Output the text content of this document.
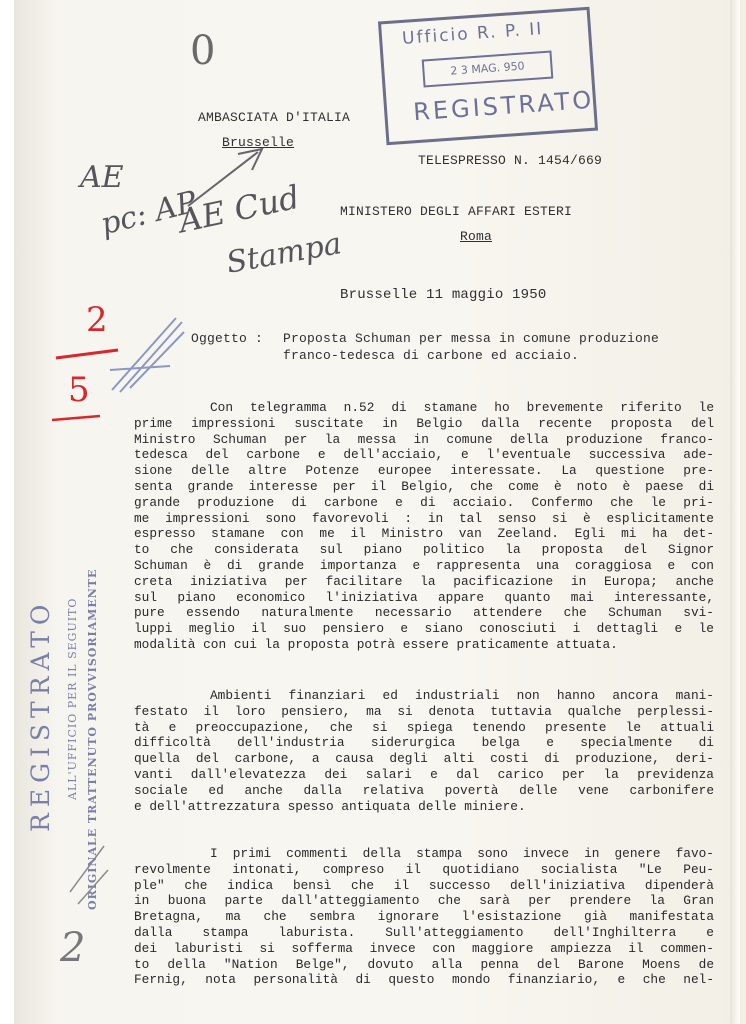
AMBASCIATA D'ITALIA
Brusselle
TELESPRESSO N. 1454/669
MINISTERO DEGLI AFFARI ESTERI
Roma
Brusselle 11 maggio 1950
Oggetto : Proposta Schuman per messa in comune produzione
franco-tedesca di carbone ed acciaio.
Con telegramma n.52 di stamane ho brevemente riferito le
prime impressioni suscitate in Belgio dalla recente proposta del
Ministro Schuman per la messa in comune della produzione franco-
tedesca del carbone e dell'acciaio, e l'eventuale successiva ade-
sione delle altre Potenze europee interessate. La questione pre-
senta grande interesse per il Belgio, che come è noto è paese di
grande produzione di carbone e di acciaio. Confermo che le pri-
me impressioni sono favorevoli : in tal senso si è esplicitamente
espresso stamane con me il Ministro van Zeeland. Egli mi ha det-
to che considerata sul piano politico la proposta del Signor
Schuman è di grande importanza e rappresenta una coraggiosa e con
creta iniziativa per facilitare la pacificazione in Europa; anche
sul piano economico l'iniziativa appare quanto mai interessante,
pure essendo naturalmente necessario attendere che Schuman svi-
luppi meglio il suo pensiero e siano conosciuti i dettagli e le
modalità con cui la proposta potrà essere praticamente attuata.
Ambienti finanziari ed industriali non hanno ancora mani-
festato il loro pensiero, ma si denota tuttavia qualche perplessi-
tà e preoccupazione, che si spiega tenendo presente le attuali
difficoltà dell'industria siderurgica belga e specialmente di
quella del carbone, a causa degli alti costi di produzione, deri-
vanti dall'elevatezza dei salari e dal carico per la previdenza
sociale ed anche dalla relativa povertà delle vene carbonifere
e dell'attrezzatura spesso antiquata delle miniere.
I primi commenti della stampa sono invece in genere favo-
revolmente intonati, compreso il quotidiano socialista "Le Peu-
ple" che indica bensì che il successo dell'iniziativa dipenderà
in buona parte dall'atteggiamento che sarà per prendere la Gran
Bretagna, ma che sembra ignorare l'esistazione già manifestata
dalla stampa laburista. Sull'atteggiamento dell'Inghilterra e
dei laburisti si sofferma invece con maggiore ampiezza il commen-
to della "Nation Belge", dovuto alla penna del Barone Moens de
Fernig, nota personalità di questo mondo finanziario, e che nel-
Ufficio R. P. II
2 3 MAG. 950
REGISTRATO
REGISTRATO ALL'UFFICIO PER IL SEGUITO ORIGINALE TRATTENUTO PROVVISORIAMENTE
0
AE
pc: AP
AE Cud
Stampa
2
5
2
